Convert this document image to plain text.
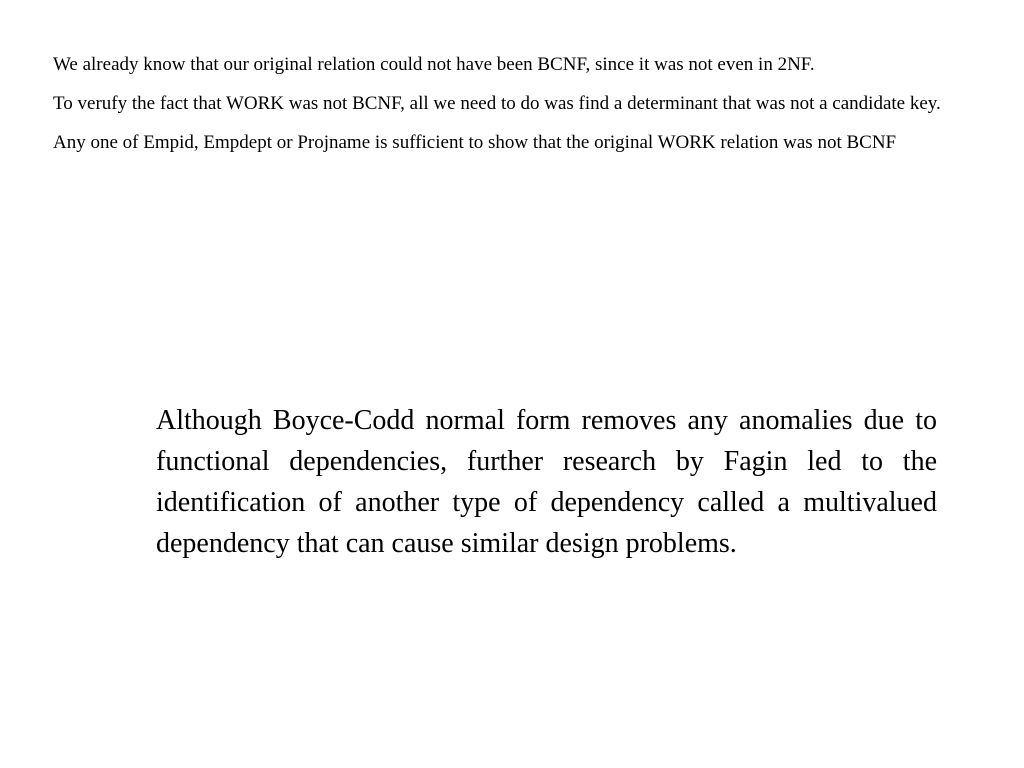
We already know that our original relation could not have been BCNF, since it was not even in 2NF.

To verufy the fact that WORK was not BCNF, all we need to do was find a determinant that was not a candidate key.

Any one of Empid, Empdept or Projname is sufficient to show that the original WORK relation was not BCNF

Although Boyce-Codd normal form removes any anomalies due to functional dependencies, further research by Fagin led to the identification of another type of dependency called a multivalued dependency that can cause similar design problems.
